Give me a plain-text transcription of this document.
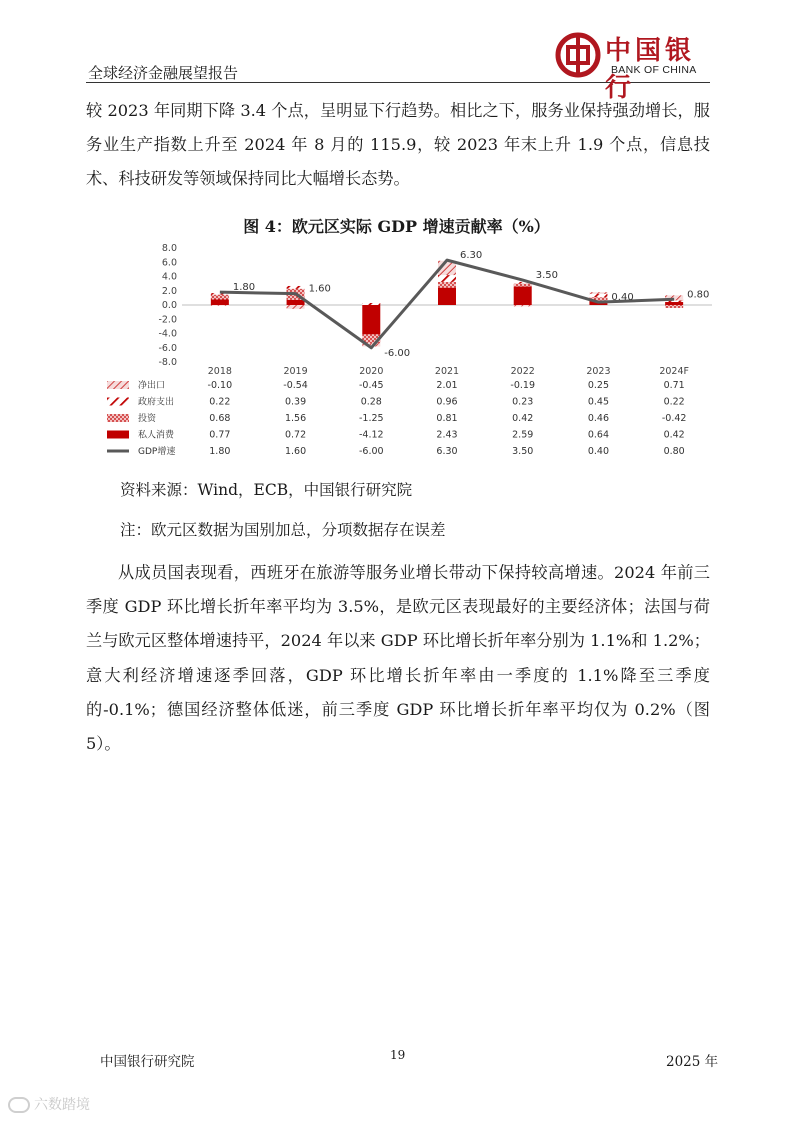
全球经济金融展望报告
中国银行
BANK OF CHINA
较 2023 年同期下降 3.4 个点，呈明显下行趋势。相比之下，服务业保持强劲增长，服务业生产指数上升至 2024 年 8 月的 115.9，较 2023 年末上升 1.9 个点，信息技术、科技研发等领域保持同比大幅增长态势。
图 4：欧元区实际 GDP 增速贡献率（%）
8.0
6.0
4.0
2.0
0.0
-2.0
-4.0
-6.0
-8.0
1.80	1.60
-6.00
6.30
3.50
0.40	0.80
2018	2019	2020	2021	2022	2023	2024F
净出口	-0.10	-0.54	-0.45	2.01	-0.19	0.25	0.71
政府支出	0.22	0.39	0.28	0.96	0.23	0.45	0.22
投资	0.68	1.56	-1.25	0.81	0.42	0.46	-0.42
私人消费	0.77	0.72	-4.12	2.43	2.59	0.64	0.42
GDP增速	1.80	1.60	-6.00	6.30	3.50	0.40	0.80
资料来源：Wind，ECB，中国银行研究院
注：欧元区数据为国别加总，分项数据存在误差
从成员国表现看，西班牙在旅游等服务业增长带动下保持较高增速。2024 年前三季度 GDP 环比增长折年率平均为 3.5%，是欧元区表现最好的主要经济体；法国与荷兰与欧元区整体增速持平，2024 年以来 GDP 环比增长折年率分别为 1.1%和 1.2%；意大利经济增速逐季回落，GDP 环比增长折年率由一季度的 1.1%降至三季度的-0.1%；德国经济整体低迷，前三季度 GDP 环比增长折年率平均仅为 0.2%（图 5）。
中国银行研究院	19	2025 年
六数踏境
